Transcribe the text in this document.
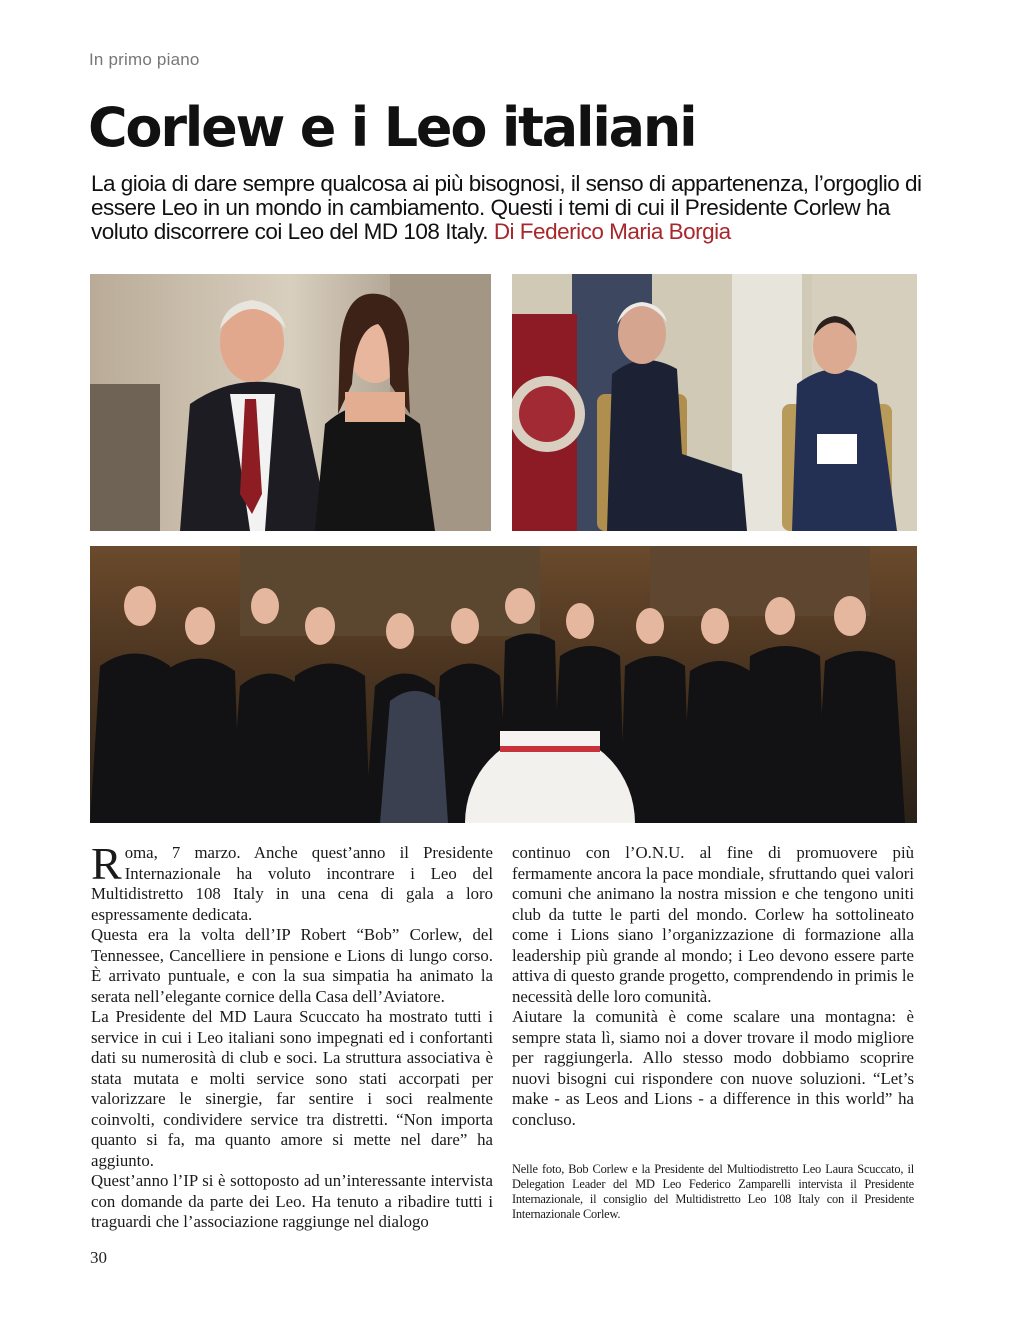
In primo piano
Corlew e i Leo italiani
La gioia di dare sempre qualcosa ai più bisognosi, il senso di appartenenza, l’orgoglio di essere Leo in un mondo in cambiamento. Questi i temi di cui il Presidente Corlew ha voluto discorrere coi Leo del MD 108 Italy. Di Federico Maria Borgia

Roma, 7 marzo. Anche quest’anno il Presidente Internazionale ha voluto incontrare i Leo del Multidistretto 108 Italy in una cena di gala a loro espressamente dedicata.

Questa era la volta dell’IP Robert “Bob” Corlew, del Tennessee, Cancelliere in pensione e Lions di lungo corso. È arrivato puntuale, e con la sua simpatia ha animato la serata nell’elegante cornice della Casa dell’Aviatore.

La Presidente del MD Laura Scuccato ha mostrato tutti i service in cui i Leo italiani sono impegnati ed i confortanti dati su numerosità di club e soci. La struttura associativa è stata mutata e molti service sono stati accorpati per valorizzare le sinergie, far sentire i soci realmente coinvolti, condividere service tra distretti. “Non importa quanto si fa, ma quanto amore si mette nel dare” ha aggiunto.

Quest’anno l’IP si è sottoposto ad un’interessante intervista con domande da parte dei Leo. Ha tenuto a ribadire tutti i traguardi che l’associazione raggiunge nel dialogo

continuo con l’O.N.U. al fine di promuovere più fermamente ancora la pace mondiale, sfruttando quei valori comuni che animano la nostra mission e che tengono uniti club da tutte le parti del mondo. Corlew ha sottolineato come i Lions siano l’organizzazione di formazione alla leadership più grande al mondo; i Leo devono essere parte attiva di questo grande progetto, comprendendo in primis le necessità delle loro comunità.

Aiutare la comunità è come scalare una montagna: è sempre stata lì, siamo noi a dover trovare il modo migliore per raggiungerla. Allo stesso modo dobbiamo scoprire nuovi bisogni cui rispondere con nuove soluzioni. “Let’s make - as Leos and Lions - a difference in this world” ha concluso.

Nelle foto, Bob Corlew e la Presidente del Multiodistretto Leo Laura Scuccato, il Delegation Leader del MD Leo Federico Zamparelli intervista il Presidente Internazionale, il consiglio del Multidistretto Leo 108 Italy con il Presidente Internazionale Corlew.
30
